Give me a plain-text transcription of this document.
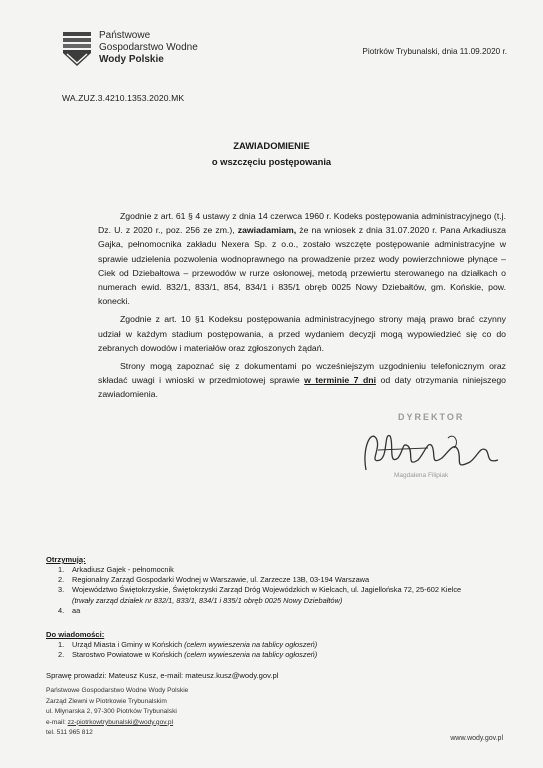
Państwowe
Gospodarstwo Wodne
Wody Polskie
Piotrków Trybunalski, dnia 11.09.2020 r.
WA.ZUZ.3.4210.1353.2020.MK
ZAWIADOMIENIE
o wszczęciu postępowania

Zgodnie z art. 61 § 4 ustawy z dnia 14 czerwca 1960 r. Kodeks postępowania administracyjnego (t.j. Dz. U. z 2020 r., poz. 256 ze zm.), zawiadamiam, że na wniosek z dnia 31.07.2020 r. Pana Arkadiusza Gajka, pełnomocnika zakładu Nexera Sp. z o.o., zostało wszczęte postępowanie administracyjne w sprawie udzielenia pozwolenia wodnoprawnego na prowadzenie przez wody powierzchniowe płynące – Ciek od Dziebałtowa – przewodów w rurze osłonowej, metodą przewiertu sterowanego na działkach o numerach ewid. 832/1, 833/1, 854, 834/1 i 835/1 obręb 0025 Nowy Dziebałtów, gm. Końskie, pow. konecki.

Zgodnie z art. 10 §1 Kodeksu postępowania administracyjnego strony mają prawo brać czynny udział w każdym stadium postępowania, a przed wydaniem decyzji mogą wypowiedzieć się co do zebranych dowodów i materiałów oraz zgłoszonych żądań.

Strony mogą zapoznać się z dokumentami po wcześniejszym uzgodnieniu telefonicznym oraz składać uwagi i wnioski w przedmiotowej sprawie w terminie 7 dni od daty otrzymania niniejszego zawiadomienia.

DYREKTOR
Magdalena Filipiak
Otrzymują:
1. Arkadiusz Gajek - pełnomocnik
2. Regionalny Zarząd Gospodarki Wodnej w Warszawie, ul. Zarzecze 13B, 03-194 Warszawa
3. Województwo Świętokrzyskie, Świętokrzyski Zarząd Dróg Wojewódzkich w Kielcach, ul. Jagiellońska 72, 25-602 Kielce
(trwały zarząd działek nr 832/1, 833/1, 834/1 i 835/1 obręb 0025 Nowy Dziebałtów)
4. aa
Do wiadomości:
1. Urząd Miasta i Gminy w Końskich (celem wywieszenia na tablicy ogłoszeń)
2. Starostwo Powiatowe w Końskich (celem wywieszenia na tablicy ogłoszeń)
Sprawę prowadzi: Mateusz Kusz, e-mail: mateusz.kusz@wody.gov.pl
Państwowe Gospodarstwo Wodne Wody Polskie
Zarząd Zlewni w Piotrkowie Trybunalskim
ul. Młynarska 2, 97-300 Piotrków Trybunalski
e-mail: zz-piotrkowtrybunalski@wody.gov.pl
tel. 511 965 812
www.wody.gov.pl
